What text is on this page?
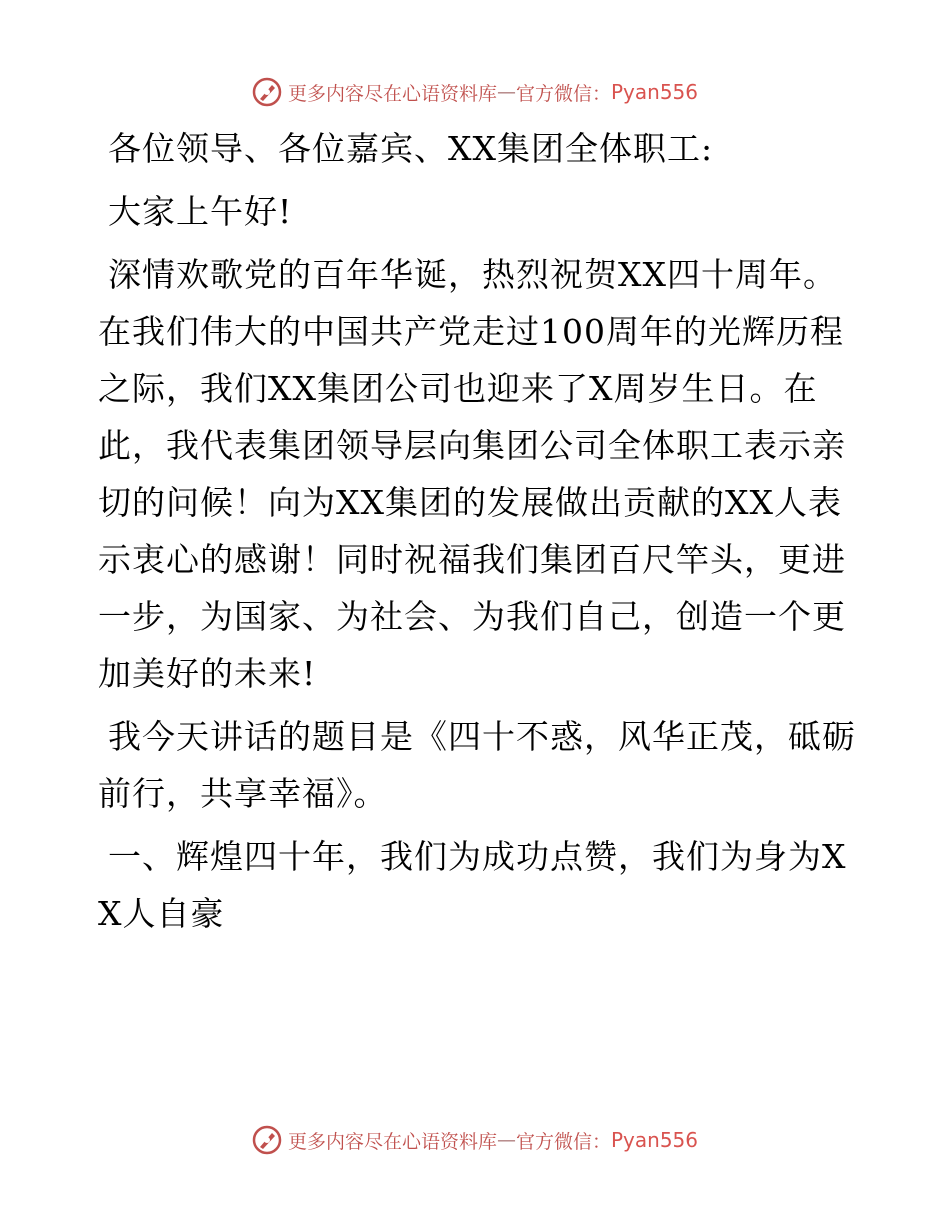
更多内容尽在心语资料库 — 官方微信： Pyan556

各位领导、各位嘉宾、XX集团全体职工:

大家上午好!

深情欢歌党的百年华诞，热烈祝贺XX四十周年。在我们伟大的中国共产党走过100周年的光辉历程之际，我们XX集团公司也迎来了X周岁生日。在此，我代表集团领导层向集团公司全体职工表示亲切的问候！向为XX集团的发展做出贡献的XX人表示衷心的感谢！同时祝福我们集团百尺竿头，更进一步，为国家、为社会、为我们自己，创造一个更加美好的未来!

我今天讲话的题目是《四十不惑，风华正茂，砥砺前行，共享幸福》。

一、辉煌四十年，我们为成功点赞，我们为身为XX人自豪

更多内容尽在心语资料库 — 官方微信： Pyan556
